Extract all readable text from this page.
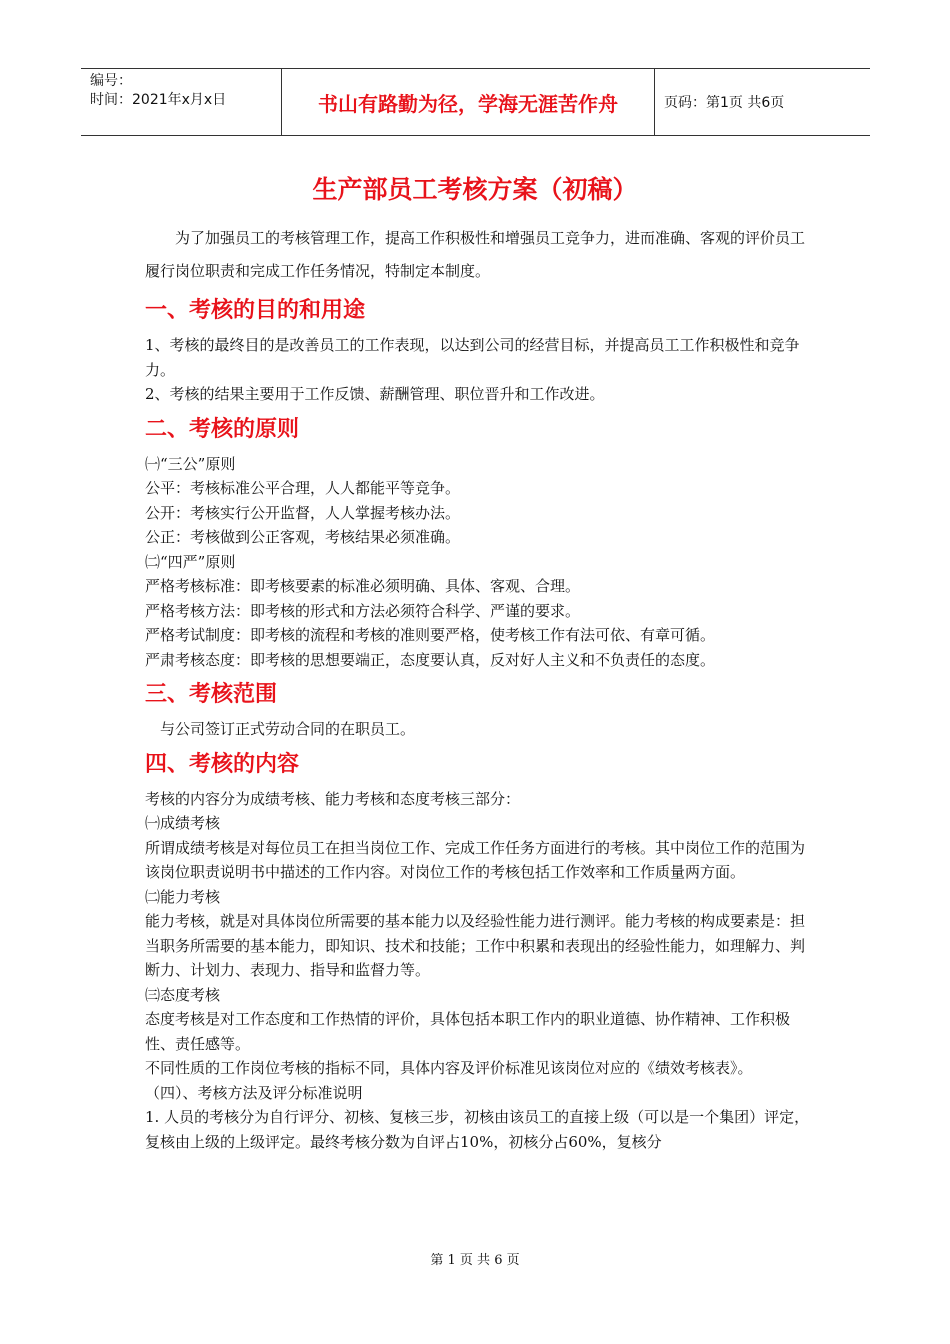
编号：
时间：2021年x月x日	书山有路勤为径，学海无涯苦作舟	页码：第1页 共6页
生产部员工考核方案（初稿）

为了加强员工的考核管理工作，提高工作积极性和增强员工竞争力，进而准确、客观的评价员工履行岗位职责和完成工作任务情况，特制定本制度。

一、考核的目的和用途

1、考核的最终目的是改善员工的工作表现，以达到公司的经营目标，并提高员工工作积极性和竞争力。

2、考核的结果主要用于工作反馈、薪酬管理、职位晋升和工作改进。

二、考核的原则

㈠“三公”原则

公平：考核标准公平合理，人人都能平等竞争。

公开：考核实行公开监督，人人掌握考核办法。

公正：考核做到公正客观，考核结果必须准确。

㈡“四严”原则

严格考核标准：即考核要素的标准必须明确、具体、客观、合理。

严格考核方法：即考核的形式和方法必须符合科学、严谨的要求。

严格考试制度：即考核的流程和考核的准则要严格，使考核工作有法可依、有章可循。

严肃考核态度：即考核的思想要端正，态度要认真，反对好人主义和不负责任的态度。

三、考核范围

与公司签订正式劳动合同的在职员工。

四、考核的内容

考核的内容分为成绩考核、能力考核和态度考核三部分：

㈠成绩考核

所谓成绩考核是对每位员工在担当岗位工作、完成工作任务方面进行的考核。其中岗位工作的范围为该岗位职责说明书中描述的工作内容。对岗位工作的考核包括工作效率和工作质量两方面。

㈡能力考核

能力考核，就是对具体岗位所需要的基本能力以及经验性能力进行测评。能力考核的构成要素是：担当职务所需要的基本能力，即知识、技术和技能；工作中积累和表现出的经验性能力，如理解力、判断力、计划力、表现力、指导和监督力等。

㈢态度考核

态度考核是对工作态度和工作热情的评价，具体包括本职工作内的职业道德、协作精神、工作积极性、责任感等。

不同性质的工作岗位考核的指标不同，具体内容及评价标准见该岗位对应的《绩效考核表》。

（四）、考核方法及评分标准说明

1. 人员的考核分为自行评分、初核、复核三步，初核由该员工的直接上级（可以是一个集团）评定，复核由上级的上级评定。最终考核分数为自评占10%，初核分占60%，复核分

第 1 页 共 6 页
